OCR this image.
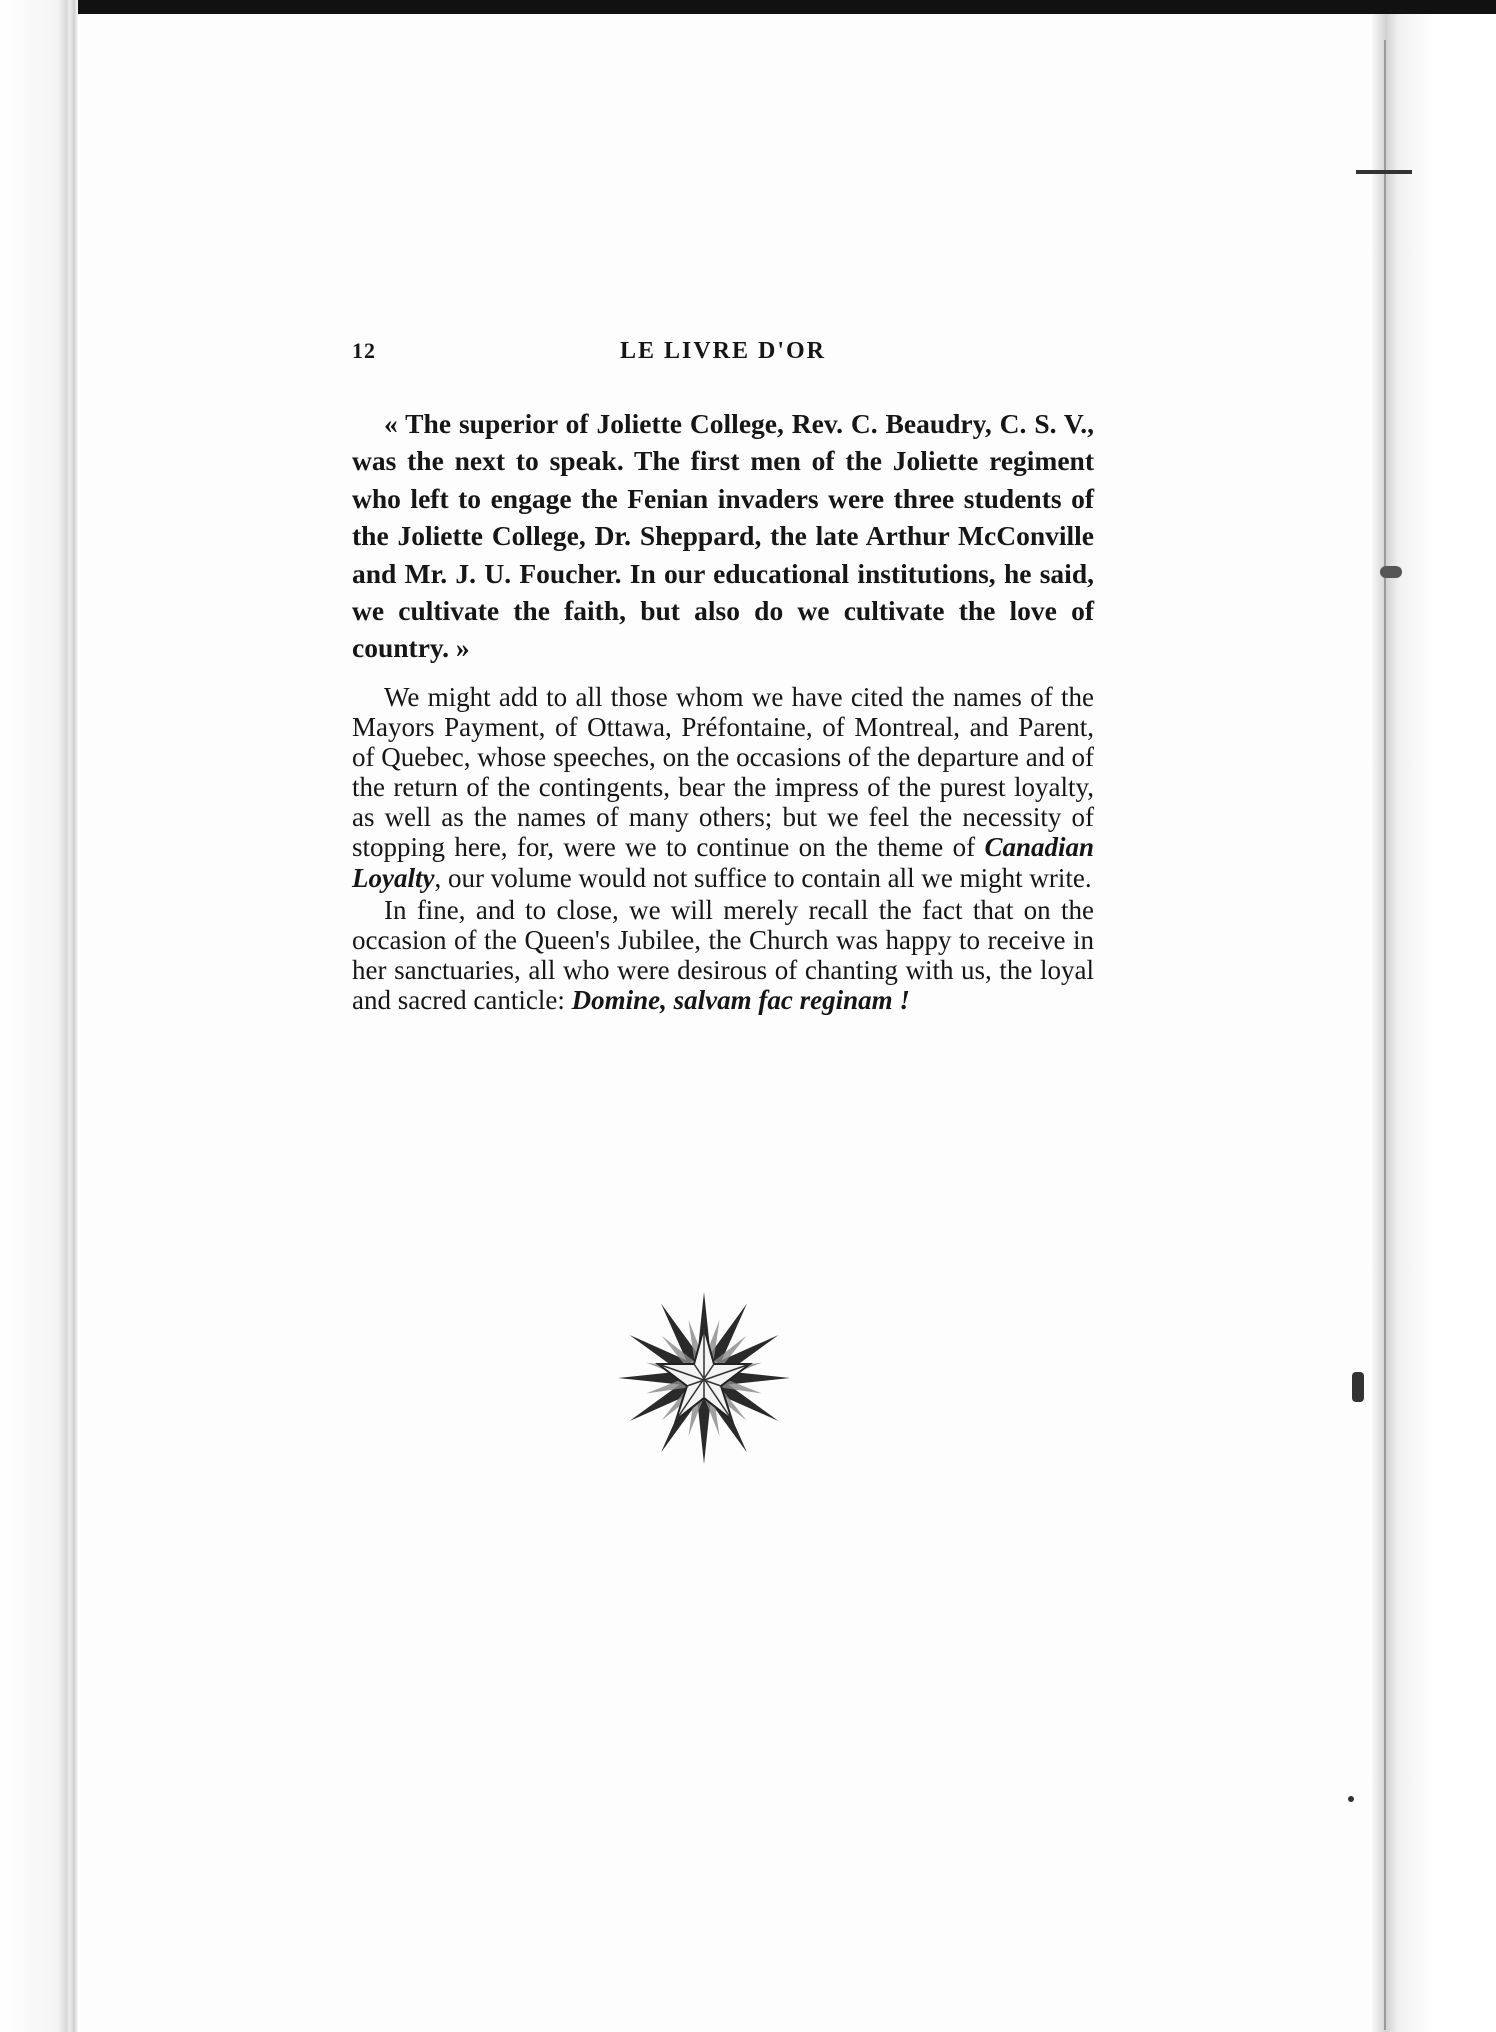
12	LE LIVRE D'OR

« The superior of Joliette College, Rev. C. Beaudry, C. S. V., was the next to speak. The first men of the Joliette regiment who left to engage the Fenian invaders were three students of the Joliette College, Dr. Sheppard, the late Arthur McConville and Mr. J. U. Foucher. In our educational institutions, he said, we cultivate the faith, but also do we cultivate the love of country. »

We might add to all those whom we have cited the names of the Mayors Payment, of Ottawa, Préfontaine, of Montreal, and Parent, of Quebec, whose speeches, on the occasions of the departure and of the return of the contingents, bear the impress of the purest loyalty, as well as the names of many others; but we feel the necessity of stopping here, for, were we to continue on the theme of Canadian Loyalty, our volume would not suffice to contain all we might write.

In fine, and to close, we will merely recall the fact that on the occasion of the Queen's Jubilee, the Church was happy to receive in her sanctuaries, all who were desirous of chanting with us, the loyal and sacred canticle: Domine, salvam fac reginam !
